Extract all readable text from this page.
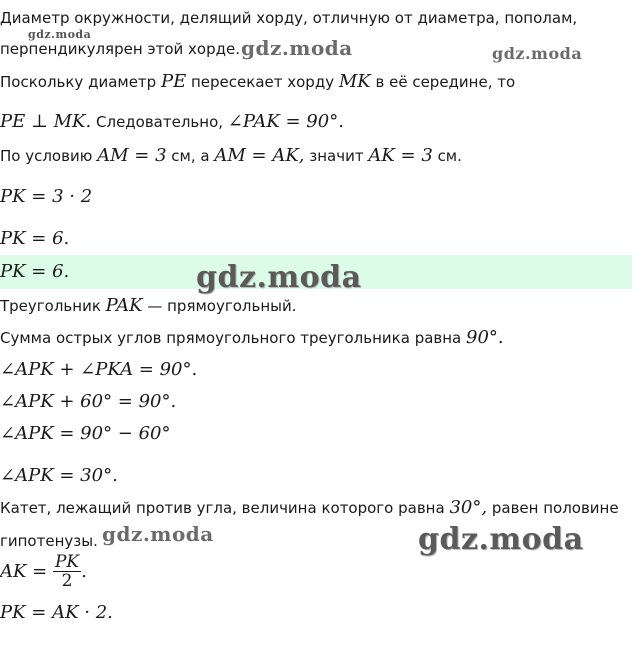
Диаметр окружности, делящий хорду, отличную от диаметра, пополам,
перпендикулярен этой хорде.
Поскольку диаметр PE пересекает хорду MK в её середине, то
PE ⊥ MK. Следовательно, ∠PAK = 90°.
По условию AM = 3 см, а AM = AK, значит AK = 3 см.
PK = 3 · 2
PK = 6.
PK = 6.
Треугольник PAK — прямоугольный.
Сумма острых углов прямоугольного треугольника равна 90°.
∠APK + ∠PKA = 90°.
∠APK + 60° = 90°.
∠APK = 90° − 60°
∠APK = 30°.
Катет, лежащий против угла, величина которого равна 30°, равен половине
гипотенузы.
AK = $\frac{PK}{2}$ .
PK = AK · 2.
gdz.moda
gdz.moda	gdz.moda
gdz.moda
gdz.moda	gdz.moda
